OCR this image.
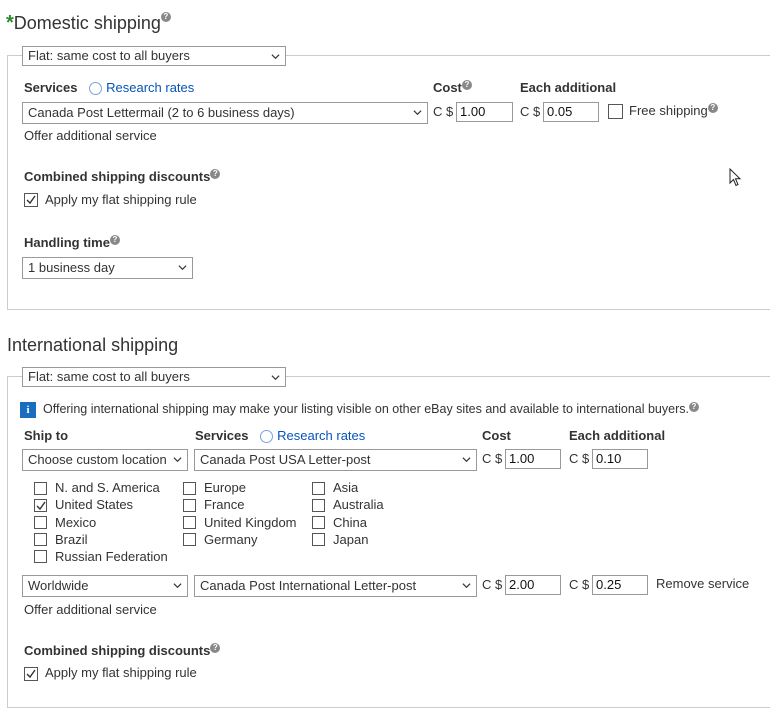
*Domestic shipping ?
Flat: same cost to all buyers
Services Research rates	Cost ?	Each additional
Canada Post Lettermail (2 to 6 business days)	C $ 1.00	C $ 0.05	Free shipping ?
Offer additional service
Combined shipping discounts ?
Apply my flat shipping rule
Handling time ?
1 business day
International shipping
Flat: same cost to all buyers
i	Offering international shipping may make your listing visible on other eBay sites and available to international buyers. ?
Ship to	Services Research rates	Cost	Each additional
Choose custom location	Canada Post USA Letter-post	C $ 1.00	C $ 0.10
N. and S. America
United States
Mexico
Brazil
Russian Federation
Europe
France
United Kingdom
Germany
Asia
Australia
China
Japan
Worldwide	Canada Post International Letter-post	C $ 2.00	C $ 0.25	Remove service
Offer additional service
Combined shipping discounts ?
Apply my flat shipping rule
